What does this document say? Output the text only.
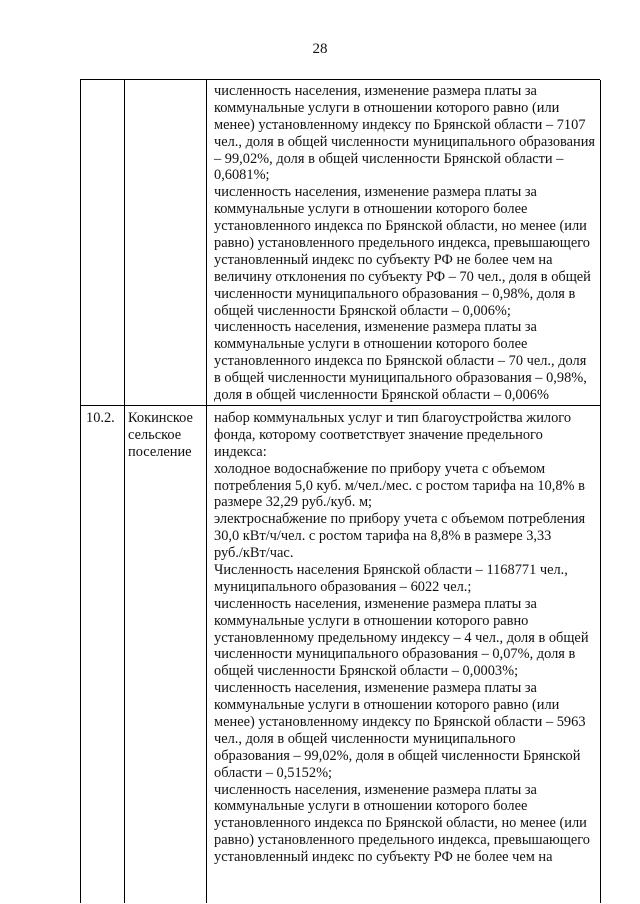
28
численность населения, изменение размера платы за
коммунальные услуги в отношении которого равно (или
менее) установленному индексу по Брянской области – 7107
чел., доля в общей численности муниципального образования
– 99,02%, доля в общей численности Брянской области –
0,6081%;
численность населения, изменение размера платы за
коммунальные услуги в отношении которого более
установленного индекса по Брянской области, но менее (или
равно) установленного предельного индекса, превышающего
установленный индекс по субъекту РФ не более чем на
величину отклонения по субъекту РФ – 70 чел., доля в общей
численности муниципального образования – 0,98%, доля в
общей численности Брянской области – 0,006%;
численность населения, изменение размера платы за
коммунальные услуги в отношении которого более
установленного индекса по Брянской области – 70 чел., доля
в общей численности муниципального образования – 0,98%,
доля в общей численности Брянской области – 0,006%
10.2. Кокинское
сельское
поселение
набор коммунальных услуг и тип благоустройства жилого
фонда, которому соответствует значение предельного
индекса:
холодное водоснабжение по прибору учета с объемом
потребления 5,0 куб. м/чел./мес. с ростом тарифа на 10,8% в
размере 32,29 руб./куб. м;
электроснабжение по прибору учета с объемом потребления
30,0 кВт/ч/чел. с ростом тарифа на 8,8% в размере 3,33
руб./кВт/час.
Численность населения Брянской области – 1168771 чел.,
муниципального образования – 6022 чел.;
численность населения, изменение размера платы за
коммунальные услуги в отношении которого равно
установленному предельному индексу – 4 чел., доля в общей
численности муниципального образования – 0,07%, доля в
общей численности Брянской области – 0,0003%;
численность населения, изменение размера платы за
коммунальные услуги в отношении которого равно (или
менее) установленному индексу по Брянской области – 5963
чел., доля в общей численности муниципального
образования – 99,02%, доля в общей численности Брянской
области – 0,5152%;
численность населения, изменение размера платы за
коммунальные услуги в отношении которого более
установленного индекса по Брянской области, но менее (или
равно) установленного предельного индекса, превышающего
установленный индекс по субъекту РФ не более чем на
